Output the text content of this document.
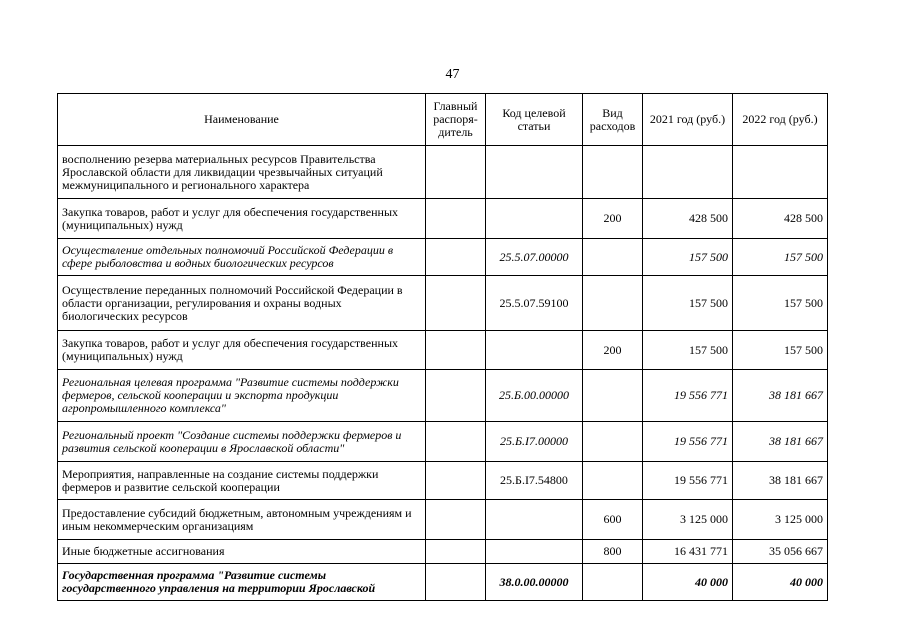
47
Наименование	Главный распоря-дитель	Код целевой статьи	Вид расходов	2021 год (руб.)	2022 год (руб.)
восполнению резерва материальных ресурсов Правительства Ярославской области для ликвидации чрезвычайных ситуаций межмуниципального и регионального характера					
Закупка товаров, работ и услуг для обеспечения государственных (муниципальных) нужд			200	428 500	428 500
Осуществление отдельных полномочий Российской Федерации в сфере рыболовства и водных биологических ресурсов		25.5.07.00000		157 500	157 500
Осуществление переданных полномочий Российской Федерации в области организации, регулирования и охраны водных биологических ресурсов		25.5.07.59100		157 500	157 500
Закупка товаров, работ и услуг для обеспечения государственных (муниципальных) нужд			200	157 500	157 500
Региональная целевая программа "Развитие системы поддержки фермеров, сельской кооперации и экспорта продукции агропромышленного комплекса"		25.Б.00.00000		19 556 771	38 181 667
Региональный проект "Создание системы поддержки фермеров и развития сельской кооперации в Ярославской области"		25.Б.I7.00000		19 556 771	38 181 667
Мероприятия, направленные на создание системы поддержки фермеров и развитие сельской кооперации		25.Б.I7.54800		19 556 771	38 181 667
Предоставление субсидий бюджетным, автономным учреждениям и иным некоммерческим организациям			600	3 125 000	3 125 000
Иные бюджетные ассигнования			800	16 431 771	35 056 667
Государственная программа "Развитие системы государственного управления на территории Ярославской		38.0.00.00000		40 000	40 000
